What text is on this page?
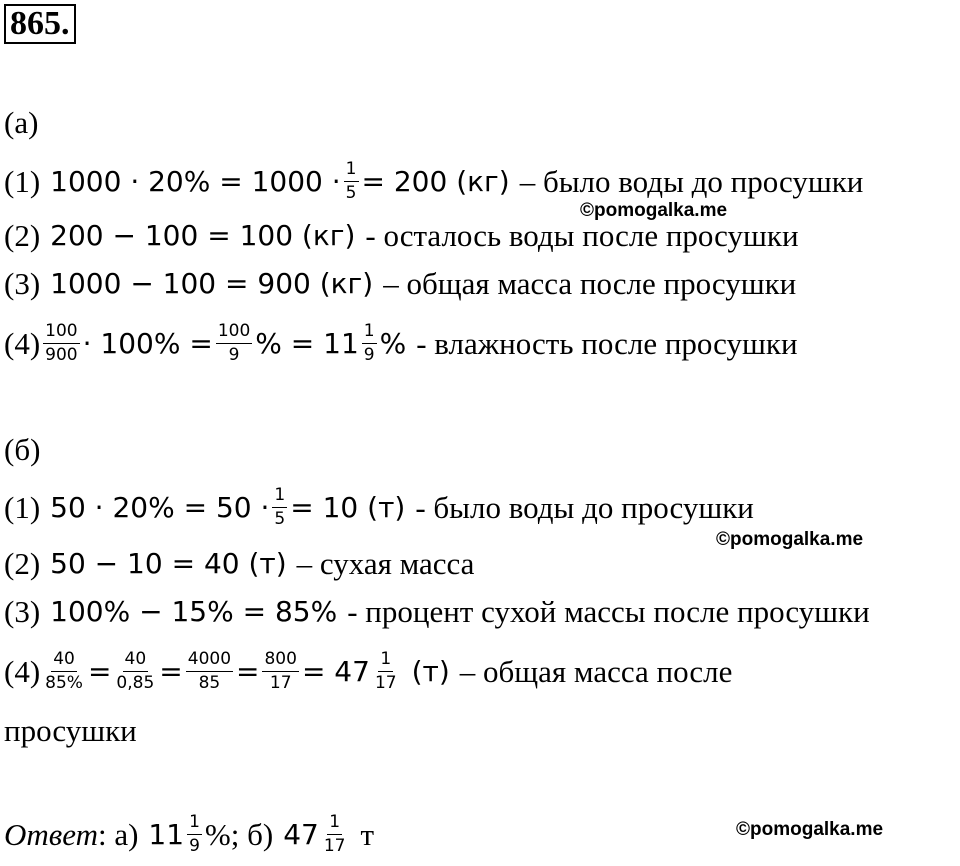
865.
(а)
(1) $1000 \cdot 20\% = 1000 \cdot \frac{1}{5} = 200$ (кг) – было воды до просушки
©pomogalka.me
(2) 200 − 100 = 100 (кг) - осталось воды после просушки
(3) 1000 − 100 = 900 (кг) – общая масса после просушки
$(4) \frac{100}{900} \cdot 100\% = \frac{100}{9}$ % = $11 \frac{1}{9}$ % - влажность после просушки
(б)
(1) $50 \cdot 20\% = 50 \cdot \frac{1}{5} = 10$ (т) - было воды до просушки
©pomogalka.me
(2) 50 − 10 = 40 (т) – сухая масса
(3) 100% − 15% = 85% - процент сухой массы после просушки
$(4) \frac{40}{85\%} = \frac{40}{0,85} = \frac{4000}{85} = \frac{800}{17} = 47 \frac{1}{17} (т)$ – общая масса после
просушки
Ответ : а) $11 \frac{1}{9}$ %; б) $47 \frac{1}{17}$ т	©pomogalka.me
